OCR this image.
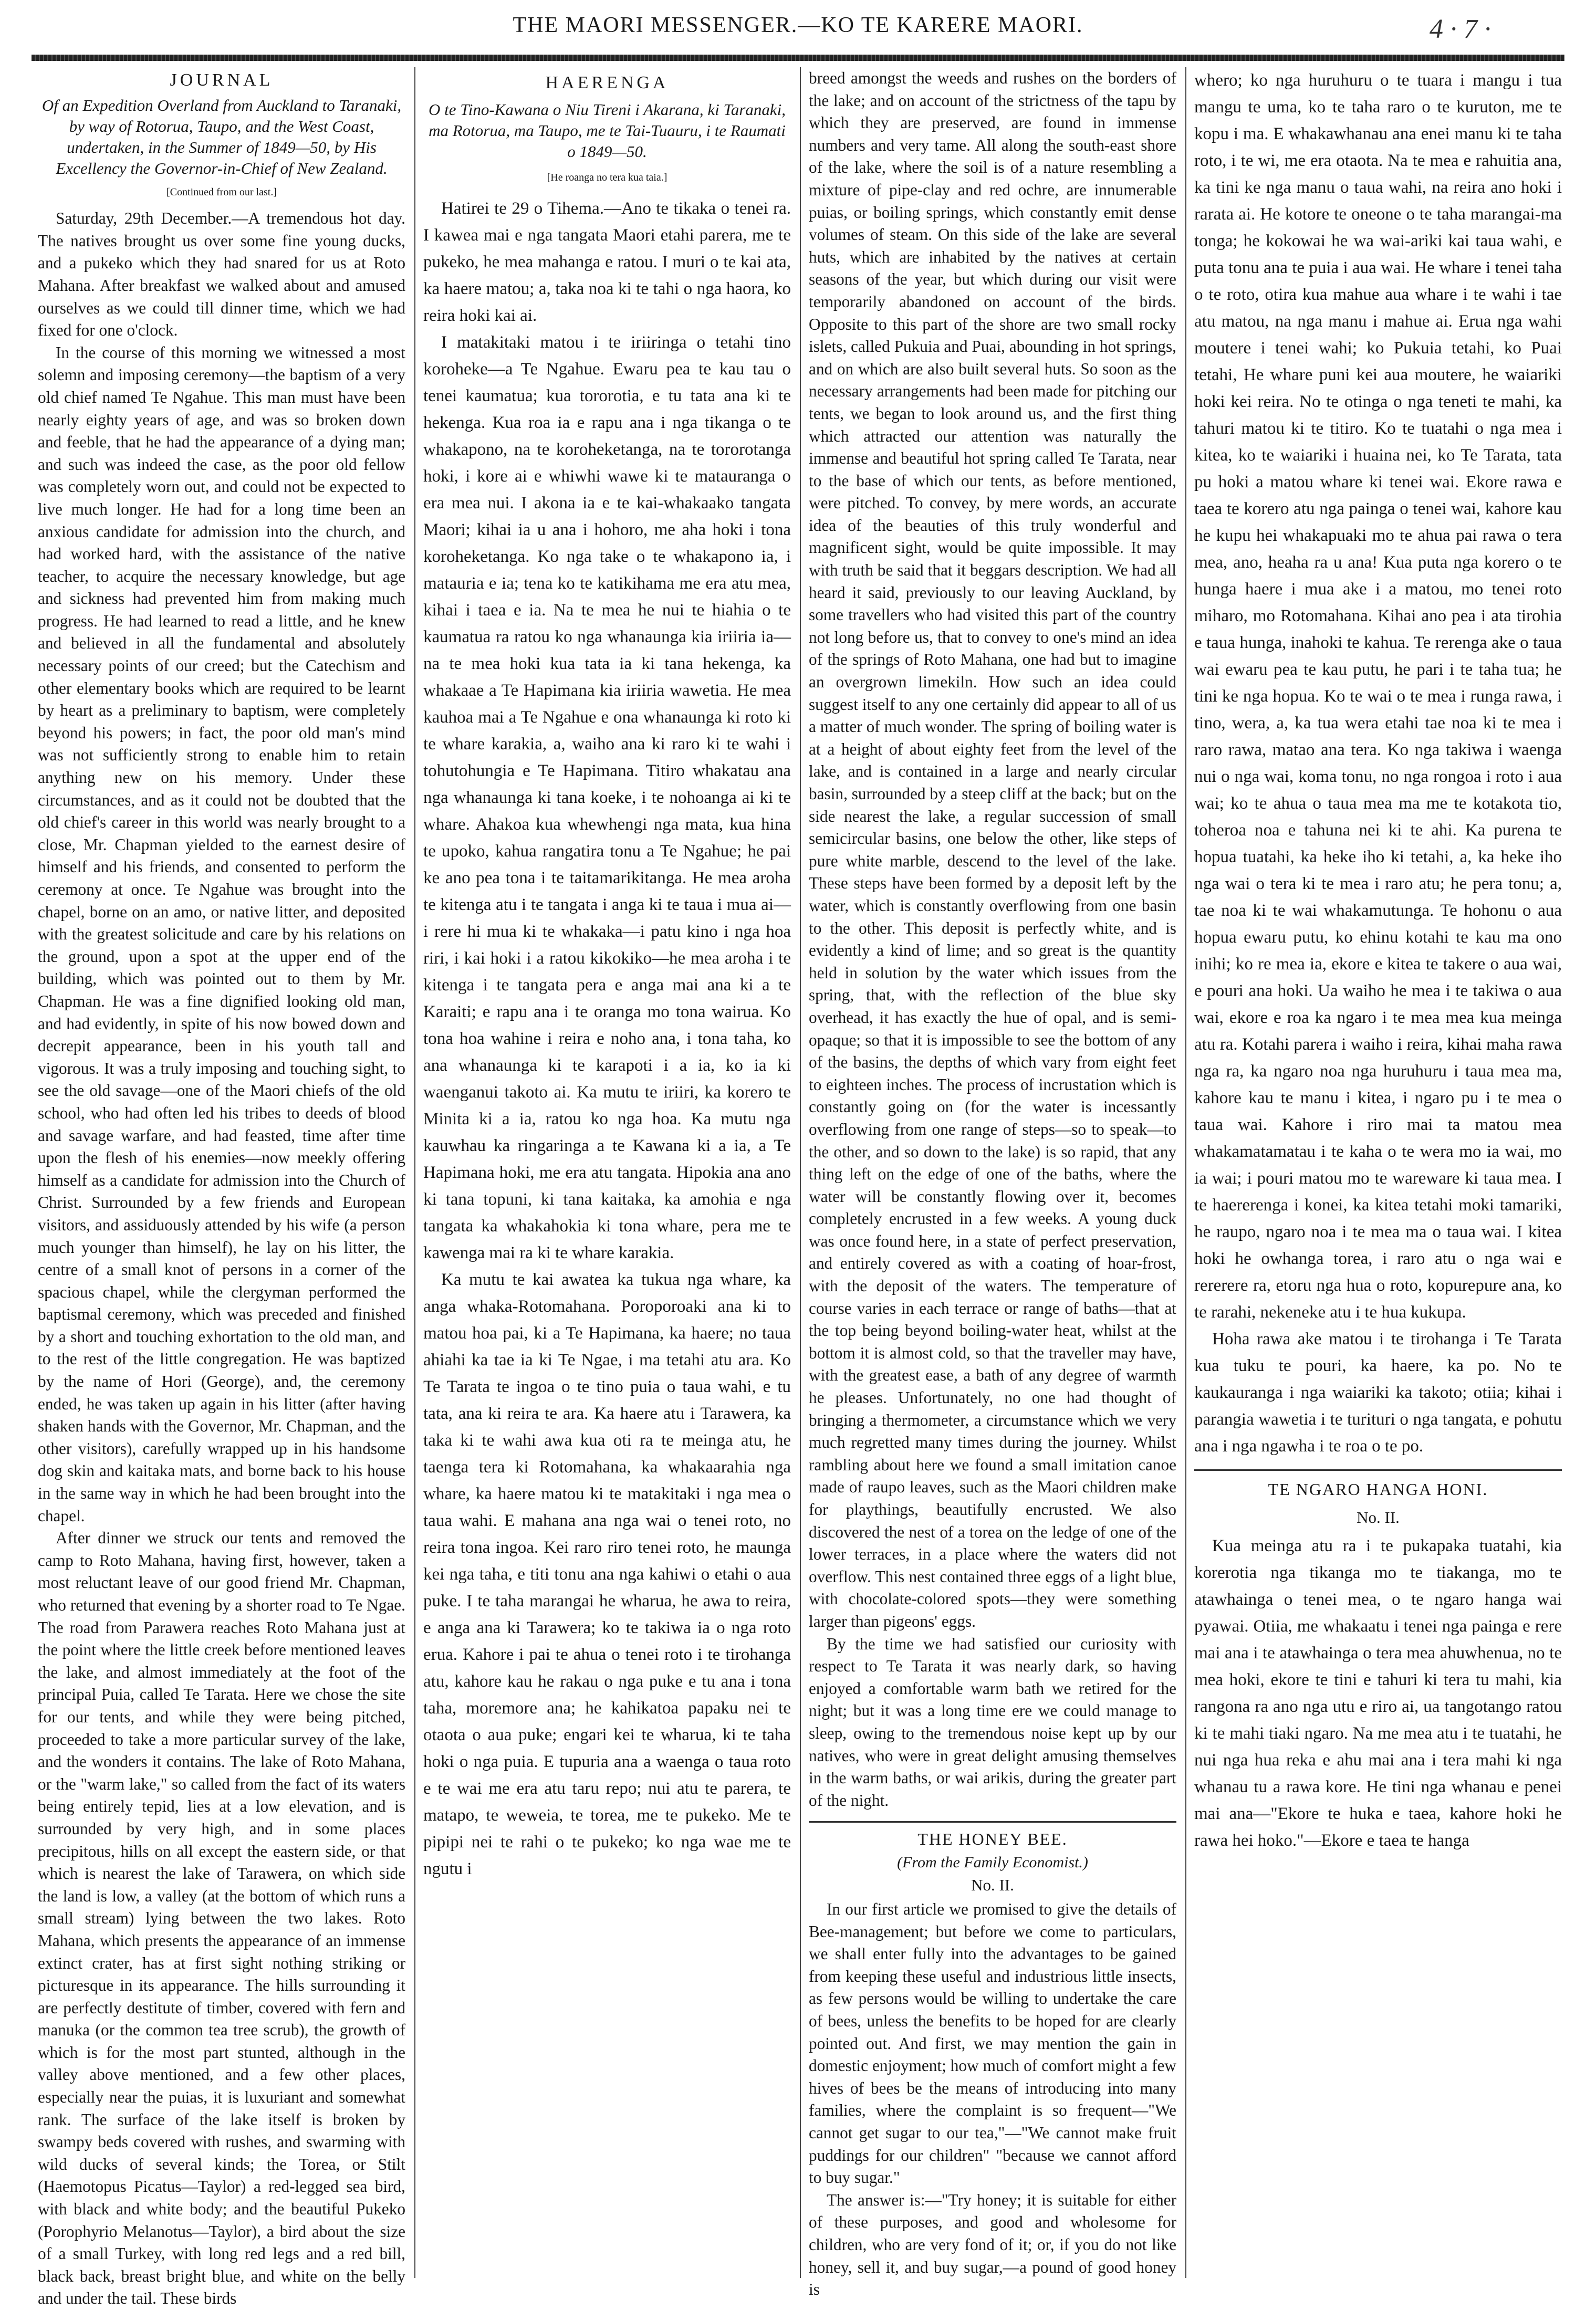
THE MAORI MESSENGER.—KO TE KARERE MAORI.	4 · 7 ·
JOURNAL
Of an Expedition Overland from Auckland to Taranaki, by way of Rotorua, Taupo, and the West Coast, undertaken, in the Summer of 1849—50, by His Excellency the Governor-in-Chief of New Zealand.
[Continued from our last.]

Saturday, 29th December.—A tremendous hot day. The natives brought us over some fine young ducks, and a pukeko which they had snared for us at Roto Mahana. After breakfast we walked about and amused ourselves as we could till dinner time, which we had fixed for one o'clock.

In the course of this morning we witnessed a most solemn and imposing ceremony—the baptism of a very old chief named Te Ngahue. This man must have been nearly eighty years of age, and was so broken down and feeble, that he had the appearance of a dying man; and such was indeed the case, as the poor old fellow was completely worn out, and could not be expected to live much longer. He had for a long time been an anxious candidate for admission into the church, and had worked hard, with the assistance of the native teacher, to acquire the necessary knowledge, but age and sickness had prevented him from making much progress. He had learned to read a little, and he knew and believed in all the fundamental and absolutely necessary points of our creed; but the Catechism and other elementary books which are required to be learnt by heart as a preliminary to baptism, were completely beyond his powers; in fact, the poor old man's mind was not sufficiently strong to enable him to retain anything new on his memory. Under these circumstances, and as it could not be doubted that the old chief's career in this world was nearly brought to a close, Mr. Chapman yielded to the earnest desire of himself and his friends, and consented to perform the ceremony at once. Te Ngahue was brought into the chapel, borne on an amo, or native litter, and deposited with the greatest solicitude and care by his relations on the ground, upon a spot at the upper end of the building, which was pointed out to them by Mr. Chapman. He was a fine dignified looking old man, and had evidently, in spite of his now bowed down and decrepit appearance, been in his youth tall and vigorous. It was a truly imposing and touching sight, to see the old savage—one of the Maori chiefs of the old school, who had often led his tribes to deeds of blood and savage warfare, and had feasted, time after time upon the flesh of his enemies—now meekly offering himself as a candidate for admission into the Church of Christ. Surrounded by a few friends and European visitors, and assiduously attended by his wife (a person much younger than himself), he lay on his litter, the centre of a small knot of persons in a corner of the spacious chapel, while the clergyman performed the baptismal ceremony, which was preceded and finished by a short and touching exhortation to the old man, and to the rest of the little congregation. He was baptized by the name of Hori (George), and, the ceremony ended, he was taken up again in his litter (after having shaken hands with the Governor, Mr. Chapman, and the other visitors), carefully wrapped up in his handsome dog skin and kaitaka mats, and borne back to his house in the same way in which he had been brought into the chapel.

After dinner we struck our tents and removed the camp to Roto Mahana, having first, however, taken a most reluctant leave of our good friend Mr. Chapman, who returned that evening by a shorter road to Te Ngae. The road from Parawera reaches Roto Mahana just at the point where the little creek before mentioned leaves the lake, and almost immediately at the foot of the principal Puia, called Te Tarata. Here we chose the site for our tents, and while they were being pitched, proceeded to take a more particular survey of the lake, and the wonders it contains. The lake of Roto Mahana, or the "warm lake," so called from the fact of its waters being entirely tepid, lies at a low elevation, and is surrounded by very high, and in some places precipitous, hills on all except the eastern side, or that which is nearest the lake of Tarawera, on which side the land is low, a valley (at the bottom of which runs a small stream) lying between the two lakes. Roto Mahana, which presents the appearance of an immense extinct crater, has at first sight nothing striking or picturesque in its appearance. The hills surrounding it are perfectly destitute of timber, covered with fern and manuka (or the common tea tree scrub), the growth of which is for the most part stunted, although in the valley above mentioned, and a few other places, especially near the puias, it is luxuriant and somewhat rank. The surface of the lake itself is broken by swampy beds covered with rushes, and swarming with wild ducks of several kinds; the Torea, or Stilt (Haemotopus Picatus—Taylor) a red-legged sea bird, with black and white body; and the beautiful Pukeko (Porophyrio Melanotus—Taylor), a bird about the size of a small Turkey, with long red legs and a red bill, black back, breast bright blue, and white on the belly and under the tail. These birds

HAERENGA
O te Tino-Kawana o Niu Tireni i Akarana, ki Taranaki, ma Rotorua, ma Taupo, me te Tai-Tuauru, i te Raumati o 1849—50.
[He roanga no tera kua taia.]

Hatirei te 29 o Tihema.—Ano te tikaka o tenei ra. I kawea mai e nga tangata Maori etahi parera, me te pukeko, he mea mahanga e ratou. I muri o te kai ata, ka haere matou; a, taka noa ki te tahi o nga haora, ko reira hoki kai ai.

I matakitaki matou i te iriiringa o tetahi tino koroheke—a Te Ngahue. Ewaru pea te kau tau o tenei kaumatua; kua tororotia, e tu tata ana ki te hekenga. Kua roa ia e rapu ana i nga tikanga o te whakapono, na te koroheketanga, na te tororotanga hoki, i kore ai e whiwhi wawe ki te matauranga o era mea nui. I akona ia e te kai-whakaako tangata Maori; kihai ia u ana i hohoro, me aha hoki i tona koroheketanga. Ko nga take o te whakapono ia, i matauria e ia; tena ko te katikihama me era atu mea, kihai i taea e ia. Na te mea he nui te hiahia o te kaumatua ra ratou ko nga whanaunga kia iriiria ia—na te mea hoki kua tata ia ki tana hekenga, ka whakaae a Te Hapimana kia iriiria wawetia. He mea kauhoa mai a Te Ngahue e ona whanaunga ki roto ki te whare karakia, a, waiho ana ki raro ki te wahi i tohutohungia e Te Hapimana. Titiro whakatau ana nga whanaunga ki tana koeke, i te nohoanga ai ki te whare. Ahakoa kua whewhengi nga mata, kua hina te upoko, kahua rangatira tonu a Te Ngahue; he pai ke ano pea tona i te taitamarikitanga. He mea aroha te kitenga atu i te tangata i anga ki te taua i mua ai—i rere hi mua ki te whakaka—i patu kino i nga hoa riri, i kai hoki i a ratou kikokiko—he mea aroha i te kitenga i te tangata pera e anga mai ana ki a te Karaiti; e rapu ana i te oranga mo tona wairua. Ko tona hoa wahine i reira e noho ana, i tona taha, ko ana whanaunga ki te karapoti i a ia, ko ia ki waenganui takoto ai. Ka mutu te iriiri, ka korero te Minita ki a ia, ratou ko nga hoa. Ka mutu nga kauwhau ka ringaringa a te Kawana ki a ia, a Te Hapimana hoki, me era atu tangata. Hipokia ana ano ki tana topuni, ki tana kaitaka, ka amohia e nga tangata ka whakahokia ki tona whare, pera me te kawenga mai ra ki te whare karakia.

Ka mutu te kai awatea ka tukua nga whare, ka anga whaka-Rotomahana. Poroporoaki ana ki to matou hoa pai, ki a Te Hapimana, ka haere; no taua ahiahi ka tae ia ki Te Ngae, i ma tetahi atu ara. Ko Te Tarata te ingoa o te tino puia o taua wahi, e tu tata, ana ki reira te ara. Ka haere atu i Tarawera, ka taka ki te wahi awa kua oti ra te meinga atu, he taenga tera ki Rotomahana, ka whakaarahia nga whare, ka haere matou ki te matakitaki i nga mea o taua wahi. E mahana ana nga wai o tenei roto, no reira tona ingoa. Kei raro riro tenei roto, he maunga kei nga taha, e titi tonu ana nga kahiwi o etahi o aua puke. I te taha marangai he wharua, he awa to reira, e anga ana ki Tarawera; ko te takiwa ia o nga roto erua. Kahore i pai te ahua o tenei roto i te tirohanga atu, kahore kau he rakau o nga puke e tu ana i tona taha, moremore ana; he kahikatoa papaku nei te otaota o aua puke; engari kei te wharua, ki te taha hoki o nga puia. E tupuria ana a waenga o taua roto e te wai me era atu taru repo; nui atu te parera, te matapo, te weweia, te torea, me te pukeko. Me te pipipi nei te rahi o te pukeko; ko nga wae me te ngutu i

breed amongst the weeds and rushes on the borders of the lake; and on account of the strictness of the tapu by which they are preserved, are found in immense numbers and very tame. All along the south-east shore of the lake, where the soil is of a nature resembling a mixture of pipe-clay and red ochre, are innumerable puias, or boiling springs, which constantly emit dense volumes of steam. On this side of the lake are several huts, which are inhabited by the natives at certain seasons of the year, but which during our visit were temporarily abandoned on account of the birds. Opposite to this part of the shore are two small rocky islets, called Pukuia and Puai, abounding in hot springs, and on which are also built several huts. So soon as the necessary arrangements had been made for pitching our tents, we began to look around us, and the first thing which attracted our attention was naturally the immense and beautiful hot spring called Te Tarata, near to the base of which our tents, as before mentioned, were pitched. To convey, by mere words, an accurate idea of the beauties of this truly wonderful and magnificent sight, would be quite impossible. It may with truth be said that it beggars description. We had all heard it said, previously to our leaving Auckland, by some travellers who had visited this part of the country not long before us, that to convey to one's mind an idea of the springs of Roto Mahana, one had but to imagine an overgrown limekiln. How such an idea could suggest itself to any one certainly did appear to all of us a matter of much wonder. The spring of boiling water is at a height of about eighty feet from the level of the lake, and is contained in a large and nearly circular basin, surrounded by a steep cliff at the back; but on the side nearest the lake, a regular succession of small semicircular basins, one below the other, like steps of pure white marble, descend to the level of the lake. These steps have been formed by a deposit left by the water, which is constantly overflowing from one basin to the other. This deposit is perfectly white, and is evidently a kind of lime; and so great is the quantity held in solution by the water which issues from the spring, that, with the reflection of the blue sky overhead, it has exactly the hue of opal, and is semi-opaque; so that it is impossible to see the bottom of any of the basins, the depths of which vary from eight feet to eighteen inches. The process of incrustation which is constantly going on (for the water is incessantly overflowing from one range of steps—so to speak—to the other, and so down to the lake) is so rapid, that any thing left on the edge of one of the baths, where the water will be constantly flowing over it, becomes completely encrusted in a few weeks. A young duck was once found here, in a state of perfect preservation, and entirely covered as with a coating of hoar-frost, with the deposit of the waters. The temperature of course varies in each terrace or range of baths—that at the top being beyond boiling-water heat, whilst at the bottom it is almost cold, so that the traveller may have, with the greatest ease, a bath of any degree of warmth he pleases. Unfortunately, no one had thought of bringing a thermometer, a circumstance which we very much regretted many times during the journey. Whilst rambling about here we found a small imitation canoe made of raupo leaves, such as the Maori children make for playthings, beautifully encrusted. We also discovered the nest of a torea on the ledge of one of the lower terraces, in a place where the waters did not overflow. This nest contained three eggs of a light blue, with chocolate-colored spots—they were something larger than pigeons' eggs.

By the time we had satisfied our curiosity with respect to Te Tarata it was nearly dark, so having enjoyed a comfortable warm bath we retired for the night; but it was a long time ere we could manage to sleep, owing to the tremendous noise kept up by our natives, who were in great delight amusing themselves in the warm baths, or wai arikis, during the greater part of the night.

THE HONEY BEE.
(From the Family Economist.)
No. II.

In our first article we promised to give the details of Bee-management; but before we come to particulars, we shall enter fully into the advantages to be gained from keeping these useful and industrious little insects, as few persons would be willing to undertake the care of bees, unless the benefits to be hoped for are clearly pointed out. And first, we may mention the gain in domestic enjoyment; how much of comfort might a few hives of bees be the means of introducing into many families, where the complaint is so frequent—"We cannot get sugar to our tea,"—"We cannot make fruit puddings for our children" "because we cannot afford to buy sugar."

The answer is:—"Try honey; it is suitable for either of these purposes, and good and wholesome for children, who are very fond of it; or, if you do not like honey, sell it, and buy sugar,—a pound of good honey is

whero; ko nga huruhuru o te tuara i mangu i tua mangu te uma, ko te taha raro o te kuruton, me te kopu i ma. E whakawhanau ana enei manu ki te taha roto, i te wi, me era otaota. Na te mea e rahuitia ana, ka tini ke nga manu o taua wahi, na reira ano hoki i rarata ai. He kotore te oneone o te taha marangai-ma tonga; he kokowai he wa wai-ariki kai taua wahi, e puta tonu ana te puia i aua wai. He whare i tenei taha o te roto, otira kua mahue aua whare i te wahi i tae atu matou, na nga manu i mahue ai. Erua nga wahi moutere i tenei wahi; ko Pukuia tetahi, ko Puai tetahi, He whare puni kei aua moutere, he waiariki hoki kei reira. No te otinga o nga teneti te mahi, ka tahuri matou ki te titiro. Ko te tuatahi o nga mea i kitea, ko te waiariki i huaina nei, ko Te Tarata, tata pu hoki a matou whare ki tenei wai. Ekore rawa e taea te korero atu nga painga o tenei wai, kahore kau he kupu hei whakapuaki mo te ahua pai rawa o tera mea, ano, heaha ra u ana! Kua puta nga korero o te hunga haere i mua ake i a matou, mo tenei roto miharo, mo Rotomahana. Kihai ano pea i ata tirohia e taua hunga, inahoki te kahua. Te rerenga ake o taua wai ewaru pea te kau putu, he pari i te taha tua; he tini ke nga hopua. Ko te wai o te mea i runga rawa, i tino, wera, a, ka tua wera etahi tae noa ki te mea i raro rawa, matao ana tera. Ko nga takiwa i waenga nui o nga wai, koma tonu, no nga rongoa i roto i aua wai; ko te ahua o taua mea ma me te kotakota tio, toheroa noa e tahuna nei ki te ahi. Ka purena te hopua tuatahi, ka heke iho ki tetahi, a, ka heke iho nga wai o tera ki te mea i raro atu; he pera tonu; a, tae noa ki te wai whakamutunga. Te hohonu o aua hopua ewaru putu, ko ehinu kotahi te kau ma ono inihi; ko re mea ia, ekore e kitea te takere o aua wai, e pouri ana hoki. Ua waiho he mea i te takiwa o aua wai, ekore e roa ka ngaro i te mea mea kua meinga atu ra. Kotahi parera i waiho i reira, kihai maha rawa nga ra, ka ngaro noa nga huruhuru i taua mea ma, kahore kau te manu i kitea, i ngaro pu i te mea o taua wai. Kahore i riro mai ta matou mea whakamatamatau i te kaha o te wera mo ia wai, mo ia wai; i pouri matou mo te wareware ki taua mea. I te haererenga i konei, ka kitea tetahi moki tamariki, he raupo, ngaro noa i te mea ma o taua wai. I kitea hoki he owhanga torea, i raro atu o nga wai e rererere ra, etoru nga hua o roto, kopurepure ana, ko te rarahi, nekeneke atu i te hua kukupa.

Hoha rawa ake matou i te tirohanga i Te Tarata kua tuku te pouri, ka haere, ka po. No te kaukauranga i nga waiariki ka takoto; otiia; kihai i parangia wawetia i te turituri o nga tangata, e pohutu ana i nga ngawha i te roa o te po.

TE NGARO HANGA HONI.
No. II.

Kua meinga atu ra i te pukapaka tuatahi, kia korerotia nga tikanga mo te tiakanga, mo te atawhainga o tenei mea, o te ngaro hanga wai pyawai. Otiia, me whakaatu i tenei nga painga e rere mai ana i te atawhainga o tera mea ahuwhenua, no te mea hoki, ekore te tini e tahuri ki tera tu mahi, kia rangona ra ano nga utu e riro ai, ua tangotango ratou ki te mahi tiaki ngaro. Na me mea atu i te tuatahi, he nui nga hua reka e ahu mai ana i tera mahi ki nga whanau tu a rawa kore. He tini nga whanau e penei mai ana—"Ekore te huka e taea, kahore hoki he rawa hei hoko."—Ekore e taea te hanga
